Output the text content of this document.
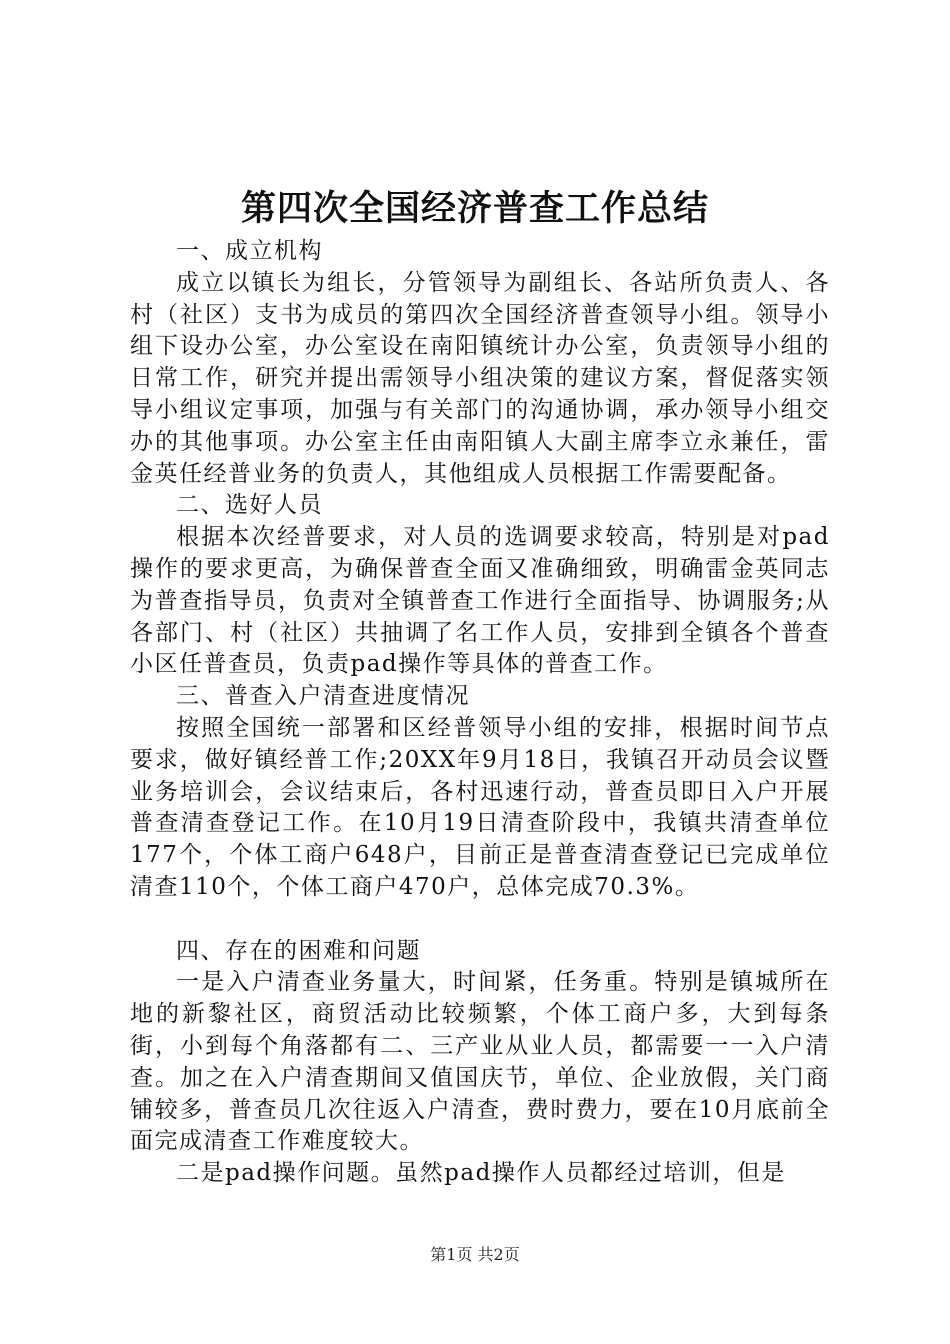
第四次全国经济普查工作总结

一、成立机构

成立以镇长为组长，分管领导为副组长、各站所负责人、各村（社区）支书为成员的第四次全国经济普查领导小组。领导小组下设办公室，办公室设在南阳镇统计办公室，负责领导小组的日常工作，研究并提出需领导小组决策的建议方案，督促落实领导小组议定事项，加强与有关部门的沟通协调，承办领导小组交办的其他事项。办公室主任由南阳镇人大副主席李立永兼任，雷金英任经普业务的负责人，其他组成人员根据工作需要配备。

二、选好人员

根据本次经普要求，对人员的选调要求较高，特别是对pad操作的要求更高，为确保普查全面又准确细致，明确雷金英同志为普查指导员，负责对全镇普查工作进行全面指导、协调服务;从各部门、村（社区）共抽调了名工作人员，安排到全镇各个普查小区任普查员，负责pad操作等具体的普查工作。

三、普查入户清查进度情况

按照全国统一部署和区经普领导小组的安排，根据时间节点要求，做好镇经普工作;20XX年9月18日，我镇召开动员会议暨业务培训会，会议结束后，各村迅速行动，普查员即日入户开展普查清查登记工作。在10月19日清查阶段中，我镇共清查单位177个，个体工商户648户，目前正是普查清查登记已完成单位清查110个，个体工商户470户，总体完成70.3%。

四、存在的困难和问题

一是入户清查业务量大，时间紧，任务重。特别是镇城所在地的新黎社区，商贸活动比较频繁，个体工商户多，大到每条街，小到每个角落都有二、三产业从业人员，都需要一一入户清查。加之在入户清查期间又值国庆节，单位、企业放假，关门商铺较多，普查员几次往返入户清查，费时费力，要在10月底前全面完成清查工作难度较大。

二是pad操作问题。虽然pad操作人员都经过培训，但是

第1页 共2页
